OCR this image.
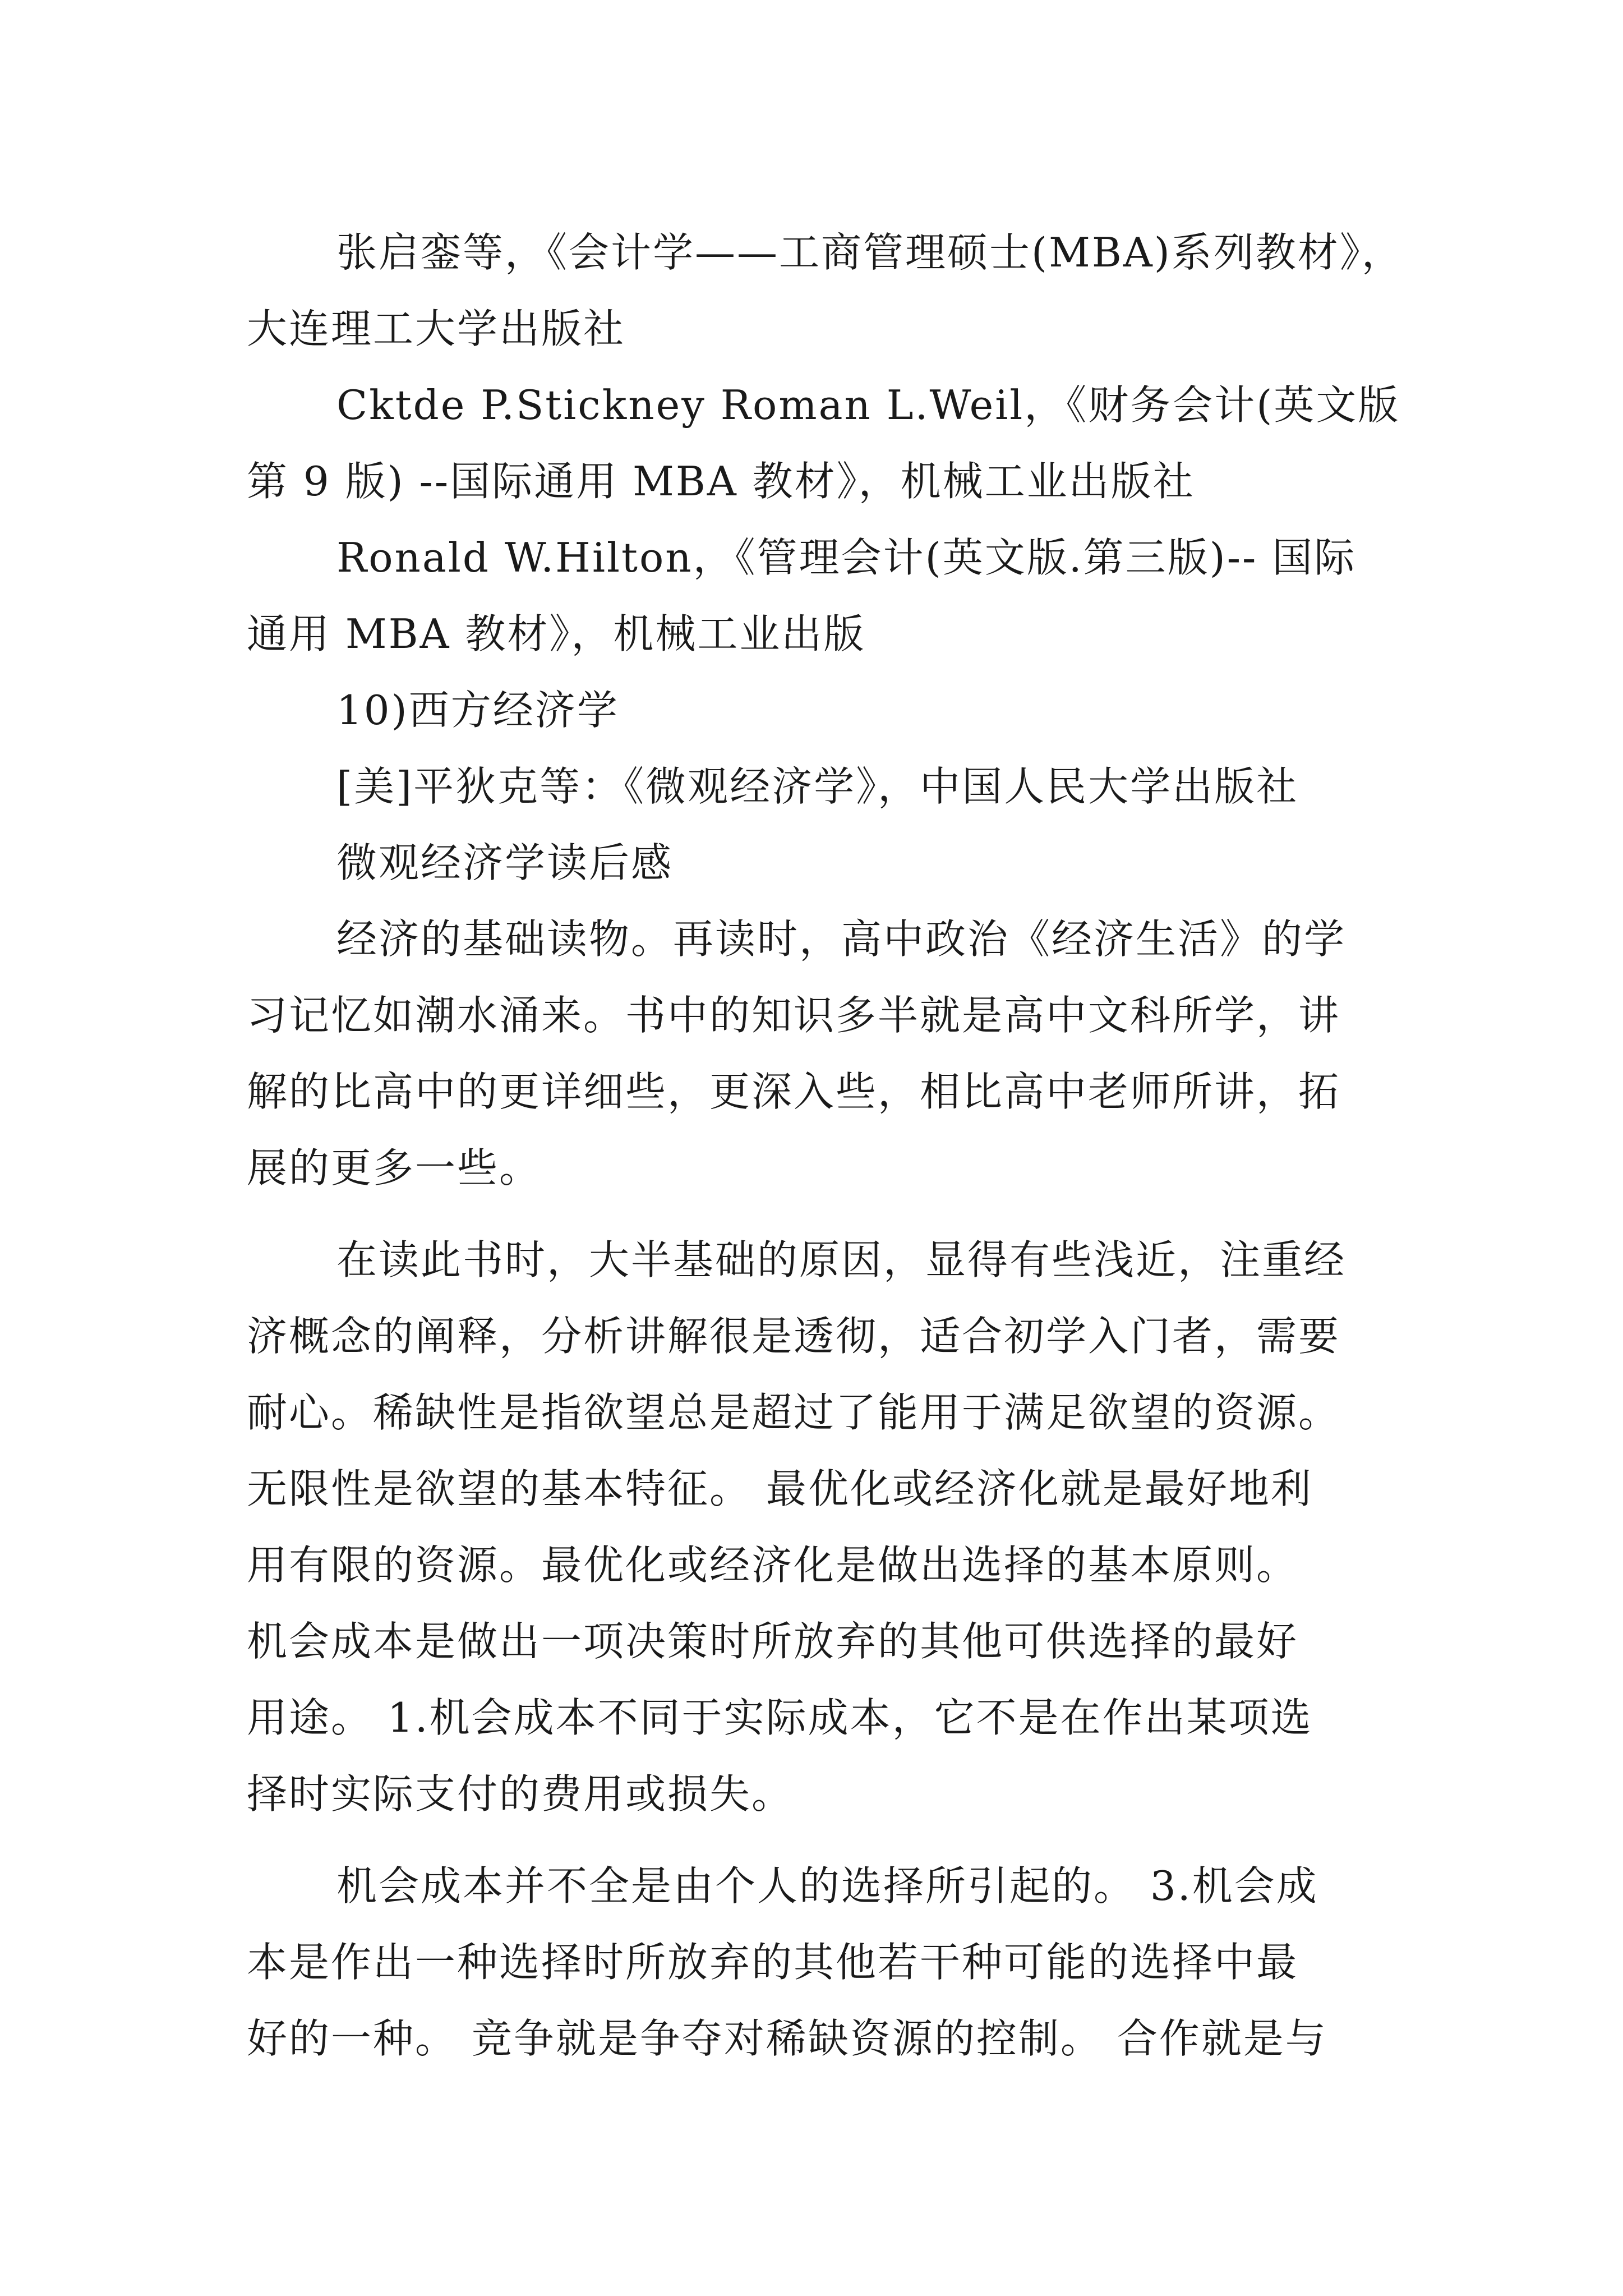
张启銮等，《会计学——工商管理硕士(MBA)系列教材》，
大连理工大学出版社
Cktde P.Stickney Roman L.Weil，《财务会计(英文版
第 9 版) --国际通用 MBA 教材》，机械工业出版社
Ronald W.Hilton，《管理会计(英文版.第三版)-- 国际
通用 MBA 教材》，机械工业出版
10)西方经济学
[美]平狄克等：《微观经济学》，中国人民大学出版社
微观经济学读后感
经济的基础读物。再读时，高中政治《经济生活》的学
习记忆如潮水涌来。书中的知识多半就是高中文科所学，讲
解的比高中的更详细些，更深入些，相比高中老师所讲，拓
展的更多一些。
在读此书时，大半基础的原因，显得有些浅近，注重经
济概念的阐释，分析讲解很是透彻，适合初学入门者，需要
耐心。稀缺性是指欲望总是超过了能用于满足欲望的资源。
无限性是欲望的基本特征。 最优化或经济化就是最好地利
用有限的资源。最优化或经济化是做出选择的基本原则。
机会成本是做出一项决策时所放弃的其他可供选择的最好
用途。 1.机会成本不同于实际成本，它不是在作出某项选
择时实际支付的费用或损失。
机会成本并不全是由个人的选择所引起的。 3.机会成
本是作出一种选择时所放弃的其他若干种可能的选择中最
好的一种。 竞争就是争夺对稀缺资源的控制。 合作就是与
